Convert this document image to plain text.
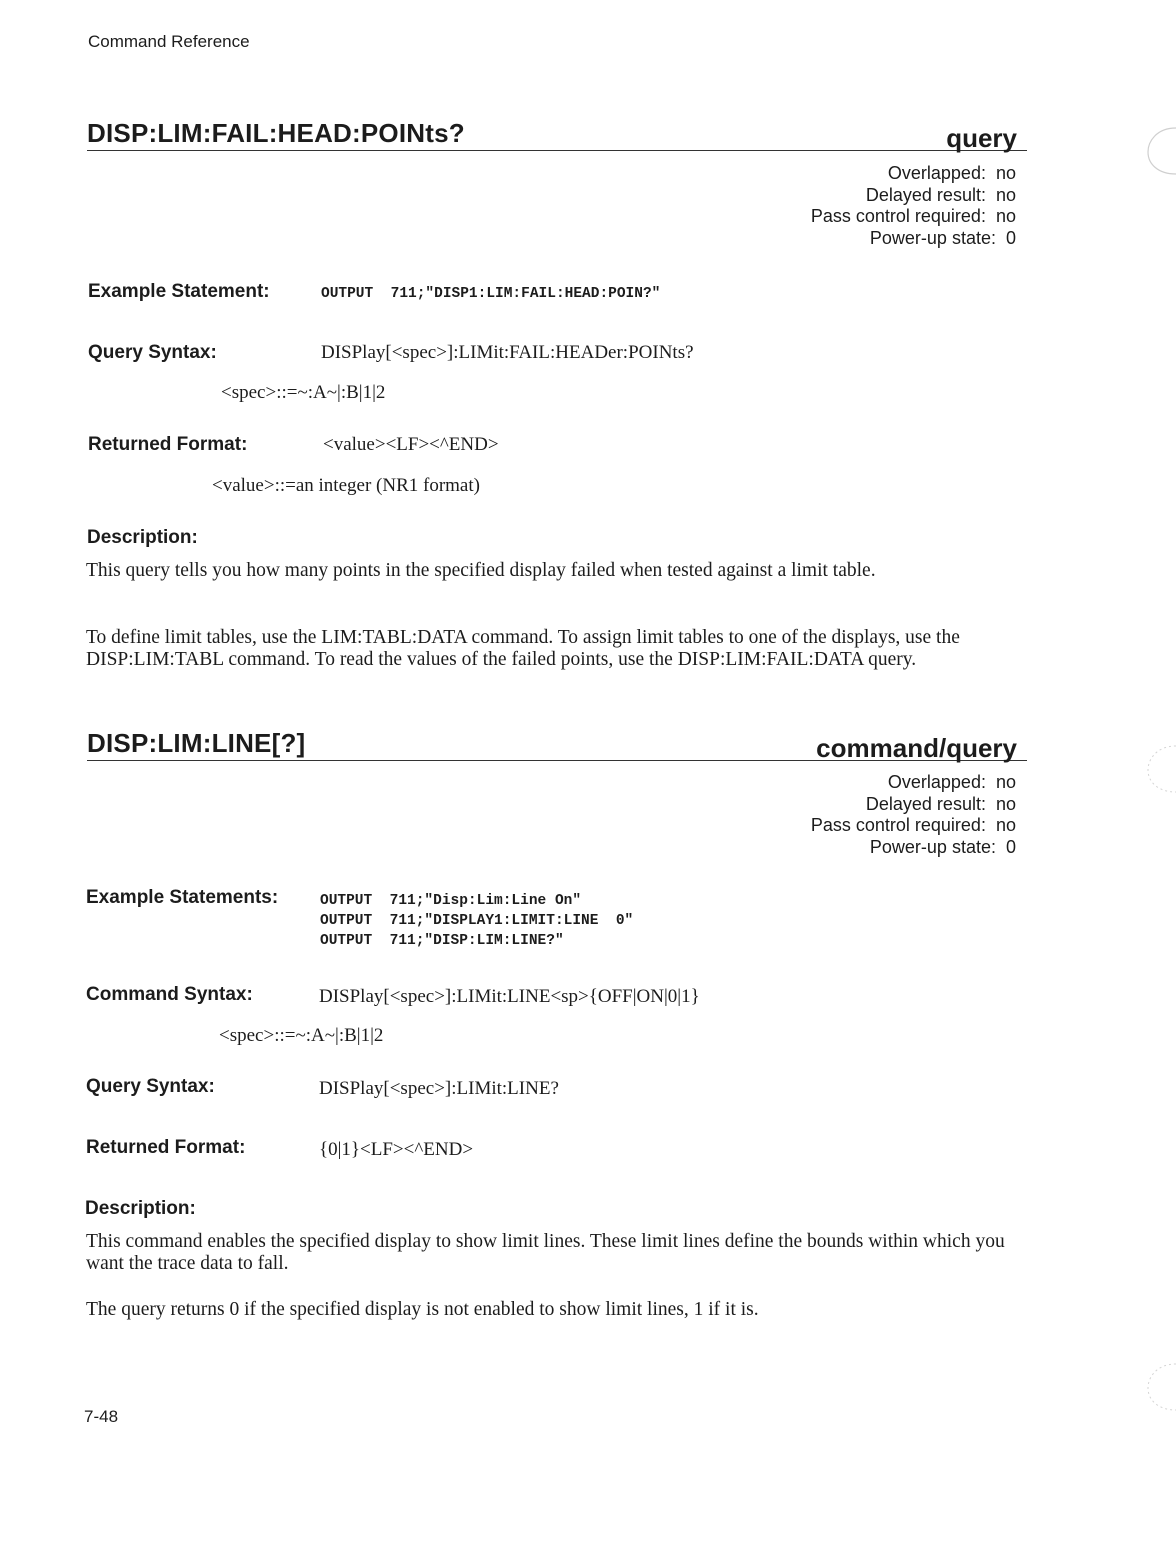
Command Reference
DISP:LIM:FAIL:HEAD:POINts?	query
Overlapped: no
Delayed result: no
Pass control required: no
Power-up state: 0
Example Statement:	OUTPUT  711;"DISP1:LIM:FAIL:HEAD:POIN?"
Query Syntax:	DISPlay[<spec>]:LIMit:FAIL:HEADer:POINts?
<spec>::=~:A~|:B|1|2
Returned Format:	<value><LF><^END>
<value>::=an integer (NR1 format)
Description:
This query tells you how many points in the specified display failed when tested against a limit table.
To define limit tables, use the LIM:TABL:DATA command. To assign limit tables to one of the displays, use the DISP:LIM:TABL command. To read the values of the failed points, use the DISP:LIM:FAIL:DATA query.
DISP:LIM:LINE[?]	command/query
Overlapped: no
Delayed result: no
Pass control required: no
Power-up state: 0
Example Statements:	OUTPUT  711;"Disp:Lim:Line On"
OUTPUT  711;"DISPLAY1:LIMIT:LINE  0"
OUTPUT  711;"DISP:LIM:LINE?"
Command Syntax:	DISPlay[<spec>]:LIMit:LINE<sp>{OFF|ON|0|1}
<spec>::=~:A~|:B|1|2
Query Syntax:	DISPlay[<spec>]:LIMit:LINE?
Returned Format:	{0|1}<LF><^END>
Description:
This command enables the specified display to show limit lines. These limit lines define the bounds within which you want the trace data to fall.
The query returns 0 if the specified display is not enabled to show limit lines, 1 if it is.
7-48
